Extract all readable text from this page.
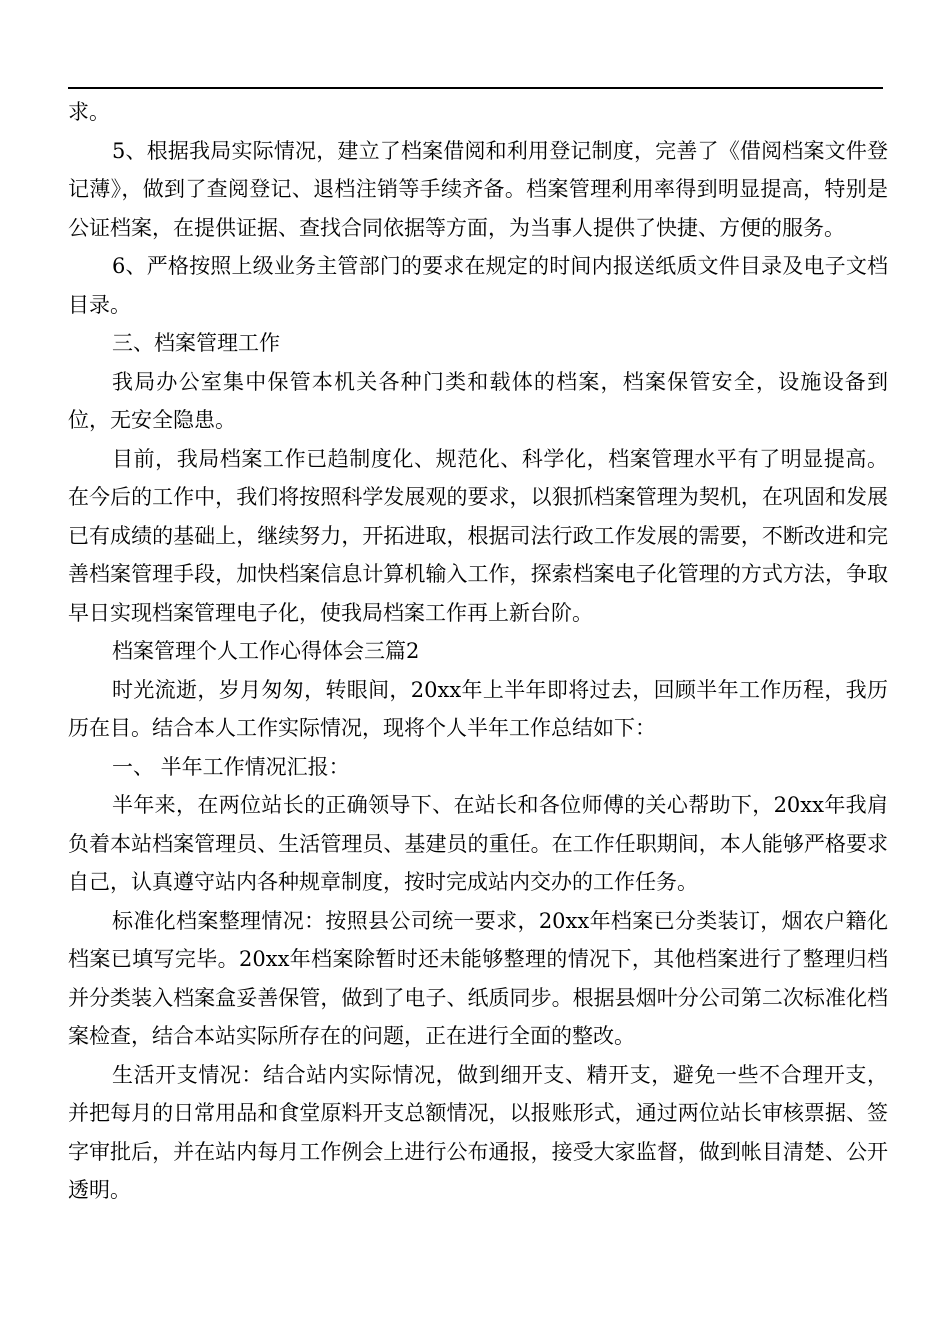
求。

5、根据我局实际情况，建立了档案借阅和利用登记制度，完善了《借阅档案文件登记薄》，做到了查阅登记、退档注销等手续齐备。档案管理利用率得到明显提高，特别是公证档案，在提供证据、查找合同依据等方面，为当事人提供了快捷、方便的服务。

6、严格按照上级业务主管部门的要求在规定的时间内报送纸质文件目录及电子文档目录。

三、档案管理工作

我局办公室集中保管本机关各种门类和载体的档案，档案保管安全，设施设备到位，无安全隐患。

目前，我局档案工作已趋制度化、规范化、科学化，档案管理水平有了明显提高。在今后的工作中，我们将按照科学发展观的要求，以狠抓档案管理为契机，在巩固和发展已有成绩的基础上，继续努力，开拓进取，根据司法行政工作发展的需要，不断改进和完善档案管理手段，加快档案信息计算机输入工作，探索档案电子化管理的方式方法，争取早日实现档案管理电子化，使我局档案工作再上新台阶。

档案管理个人工作心得体会三篇2

时光流逝，岁月匆匆，转眼间，20xx年上半年即将过去，回顾半年工作历程，我历历在目。结合本人工作实际情况，现将个人半年工作总结如下：

一、 半年工作情况汇报：

半年来，在两位站长的正确领导下、在站长和各位师傅的关心帮助下，20xx年我肩负着本站档案管理员、生活管理员、基建员的重任。在工作任职期间，本人能够严格要求自己，认真遵守站内各种规章制度，按时完成站内交办的工作任务。

标准化档案整理情况：按照县公司统一要求，20xx年档案已分类装订，烟农户籍化档案已填写完毕。20xx年档案除暂时还未能够整理的情况下，其他档案进行了整理归档并分类装入档案盒妥善保管，做到了电子、纸质同步。根据县烟叶分公司第二次标准化档案检查，结合本站实际所存在的问题，正在进行全面的整改。

生活开支情况：结合站内实际情况，做到细开支、精开支，避免一些不合理开支，并把每月的日常用品和食堂原料开支总额情况，以报账形式，通过两位站长审核票据、签字审批后，并在站内每月工作例会上进行公布通报，接受大家监督，做到帐目清楚、公开透明。
